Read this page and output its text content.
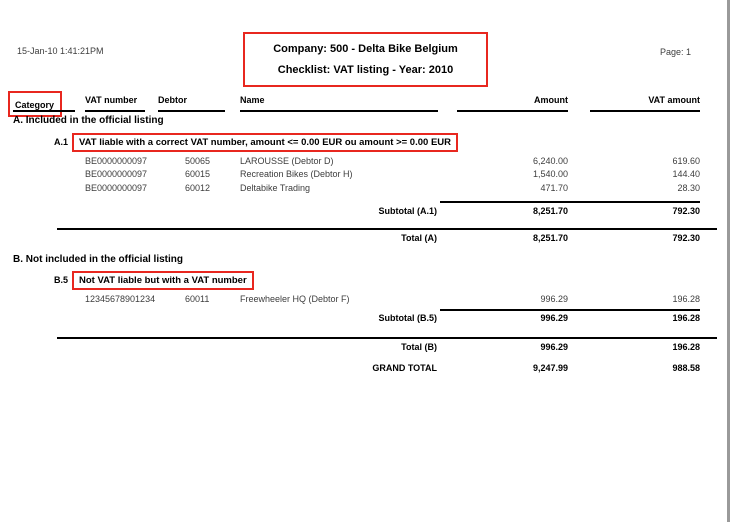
15-Jan-10 1:41:21PM	Company: 500 - Delta Bike Belgium
Checklist: VAT listing - Year: 2010
Page: 1
Category	VAT number Debtor	Name	Amount	VAT amount
A. Included in the official listing
A.1	VAT liable with a correct VAT number, amount <= 0.00 EUR ou amount >= 0.00 EUR
BE0000000097	50065	LAROUSSE (Debtor D)	6,240.00	619.60
BE0000000097	60015	Recreation Bikes (Debtor H)	1,540.00	144.40
BE0000000097	60012	Deltabike Trading	471.70	28.30
Subtotal (A.1)	8,251.70	792.30
Total (A)	8,251.70	792.30
B. Not included in the official listing
B.5	Not VAT liable but with a VAT number
12345678901234	60011	Freewheeler HQ (Debtor F)	996.29	196.28
Subtotal (B.5)	996.29	196.28
Total (B)	996.29	196.28
GRAND TOTAL	9,247.99	988.58
